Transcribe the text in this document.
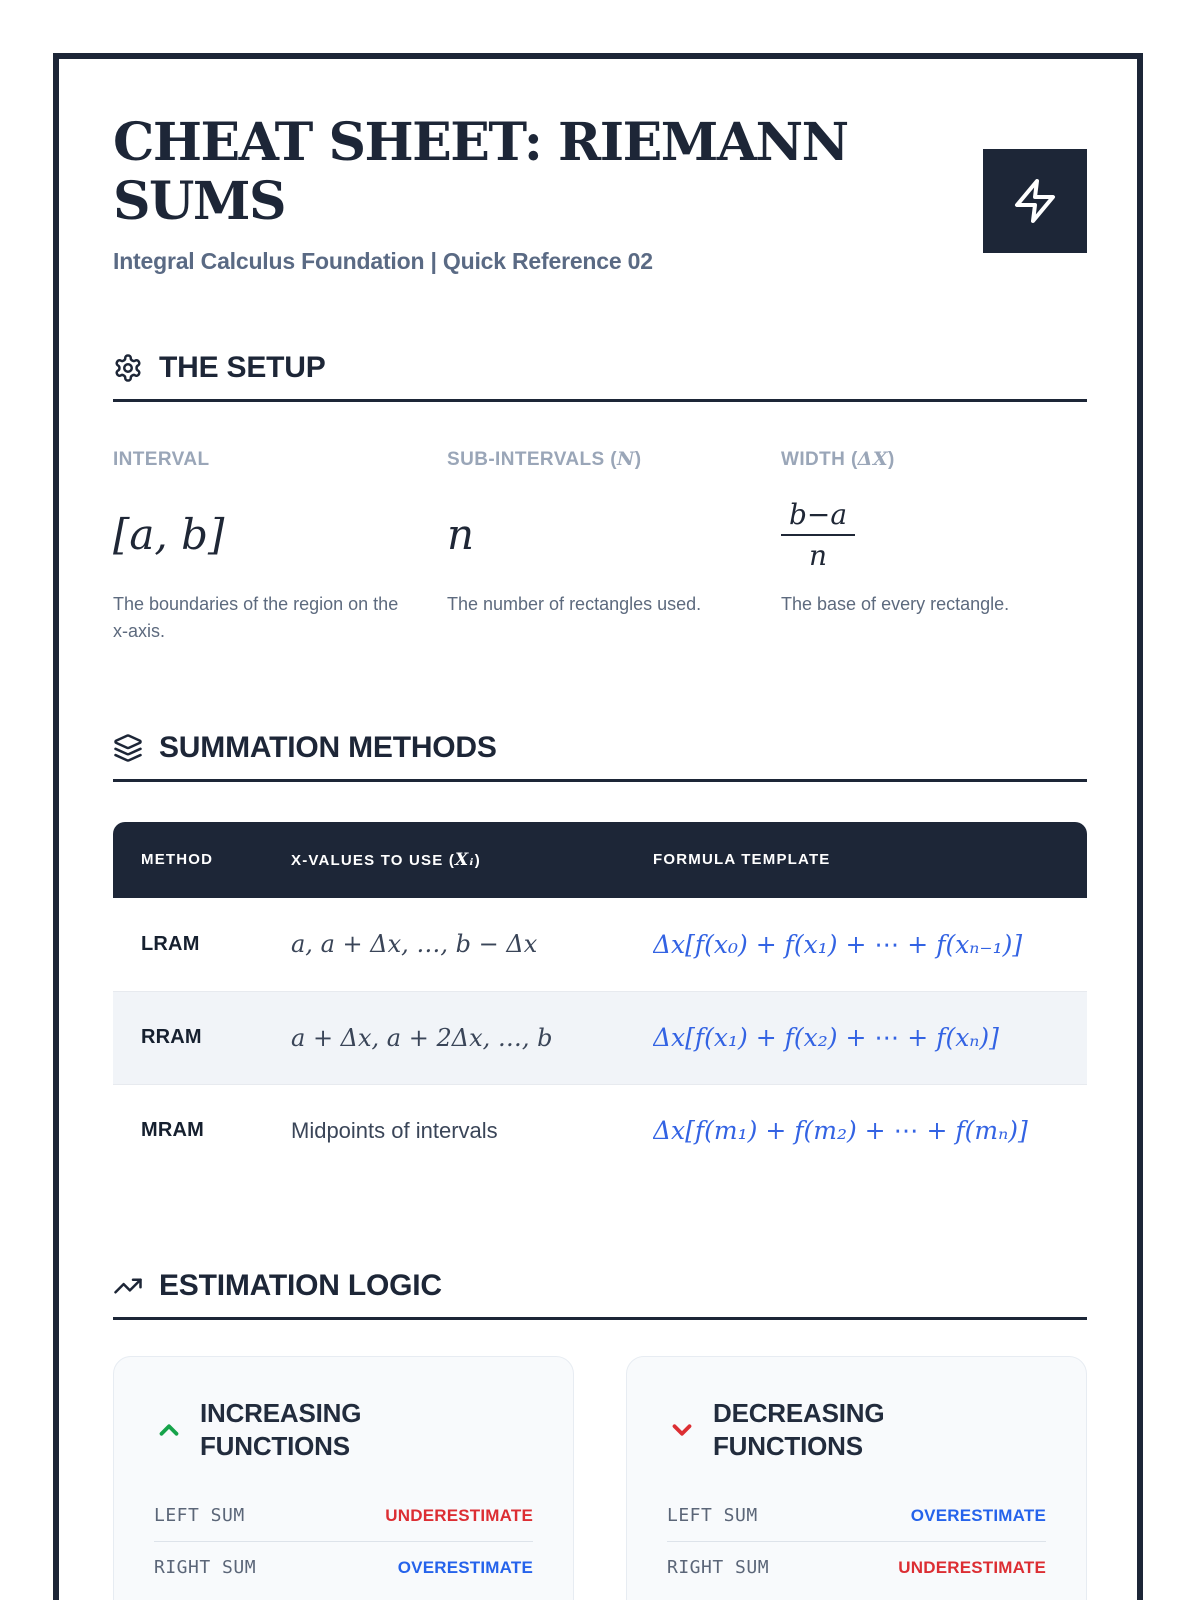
CHEAT SHEET: RIEMANN SUMS
Integral Calculus Foundation | Quick Reference 02
THE SETUP
INTERVAL
[a, b]
The boundaries of the region on the x-axis.
SUB-INTERVALS (N)
n
The number of rectangles used.
WIDTH (ΔX)
$\frac{b-a}{n}$
The base of every rectangle.
SUMMATION METHODS
METHOD	X-VALUES TO USE (Xᵢ)	FORMULA TEMPLATE
LRAM	a, a + Δx, …, b − Δx	Δx[f(x₀) + f(x₁) + ⋯ + f(xₙ₋₁)]
RRAM	a + Δx, a + 2Δx, …, b	Δx[f(x₁) + f(x₂) + ⋯ + f(xₙ)]
MRAM	Midpoints of intervals	Δx[f(m₁) + f(m₂) + ⋯ + f(mₙ)]
ESTIMATION LOGIC
INCREASING FUNCTIONS
LEFT SUM	UNDERESTIMATE
RIGHT SUM	OVERESTIMATE
DECREASING FUNCTIONS
LEFT SUM	OVERESTIMATE
RIGHT SUM	UNDERESTIMATE
